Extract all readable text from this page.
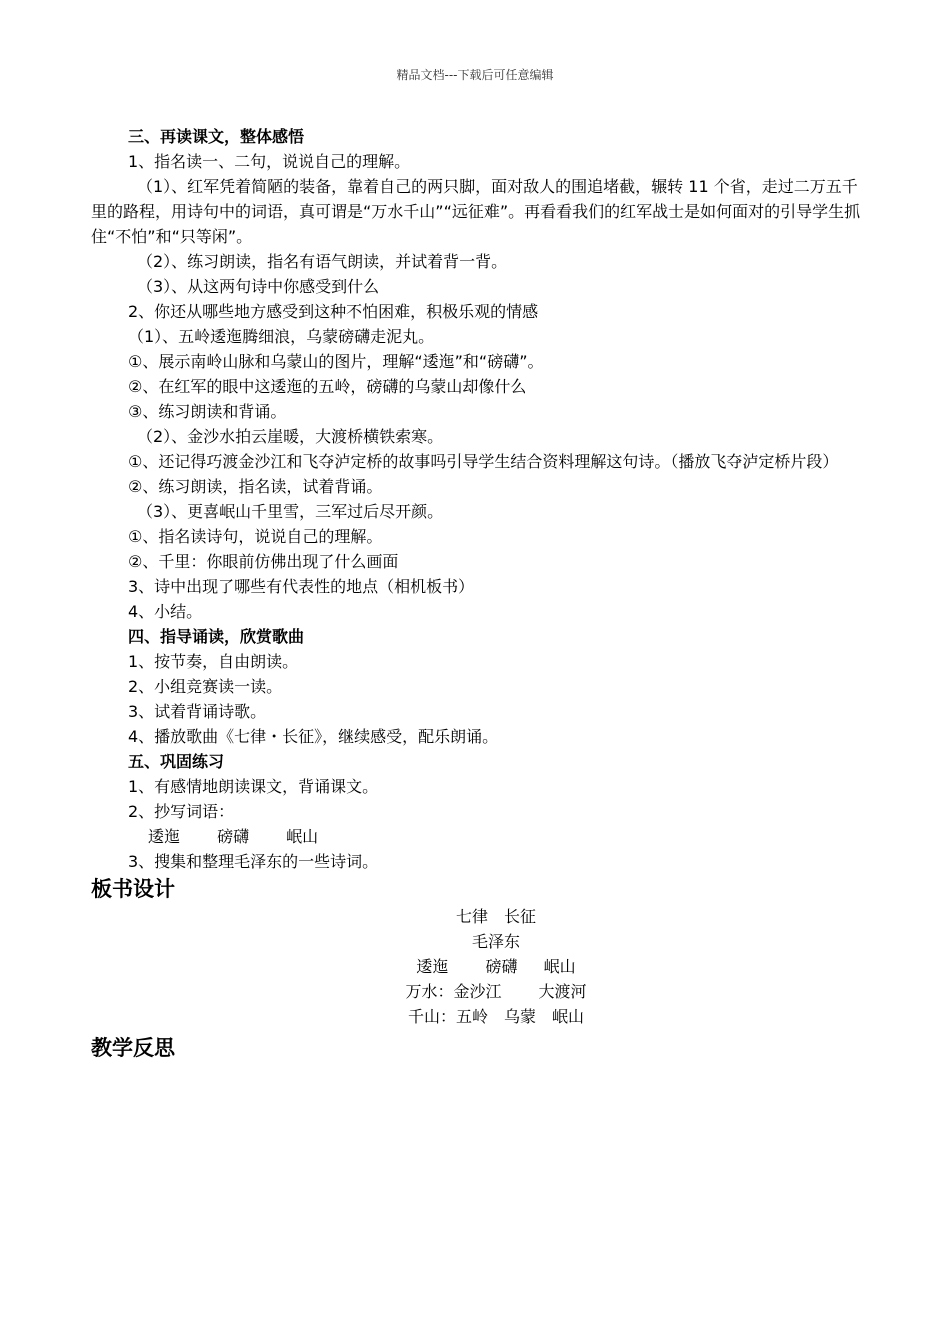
精品文档---下载后可任意编辑
三、再读课文，整体感悟
1、指名读一、二句，说说自己的理解。
（1）、红军凭着简陋的装备，靠着自己的两只脚，面对敌人的围追堵截，辗转 11 个省，走过二万五千里的路程，用诗句中的词语，真可谓是“万水千山”“远征难”。再看看我们的红军战士是如何面对的引导学生抓住“不怕”和“只等闲”。
（2）、练习朗读，指名有语气朗读，并试着背一背。
（3）、从这两句诗中你感受到什么
2、你还从哪些地方感受到这种不怕困难，积极乐观的情感
（1）、五岭逶迤腾细浪，乌蒙磅礴走泥丸。
①、展示南岭山脉和乌蒙山的图片，理解“逶迤”和“磅礴”。
②、在红军的眼中这逶迤的五岭，磅礴的乌蒙山却像什么
③、练习朗读和背诵。
（2）、金沙水拍云崖暖，大渡桥横铁索寒。
①、还记得巧渡金沙江和飞夺泸定桥的故事吗引导学生结合资料理解这句诗。（播放飞夺泸定桥片段）
②、练习朗读，指名读，试着背诵。
（3）、更喜岷山千里雪，三军过后尽开颜。
①、指名读诗句，说说自己的理解。
②、千里：你眼前仿佛出现了什么画面
3、诗中出现了哪些有代表性的地点（相机板书）
4、小结。
四、指导诵读，欣赏歌曲
1、按节奏，自由朗读。
2、小组竞赛读一读。
3、试着背诵诗歌。
4、播放歌曲《七律・长征》，继续感受，配乐朗诵。
五、巩固练习
1、有感情地朗读课文，背诵课文。
2、抄写词语：
逶迤　　 磅礴　　 岷山
3、搜集和整理毛泽东的一些诗词。
板书设计
七律　长征
毛泽东
逶迤　　 磅礴　  岷山
万水：金沙江 　　大渡河
千山：五岭　乌蒙　岷山
教学反思
